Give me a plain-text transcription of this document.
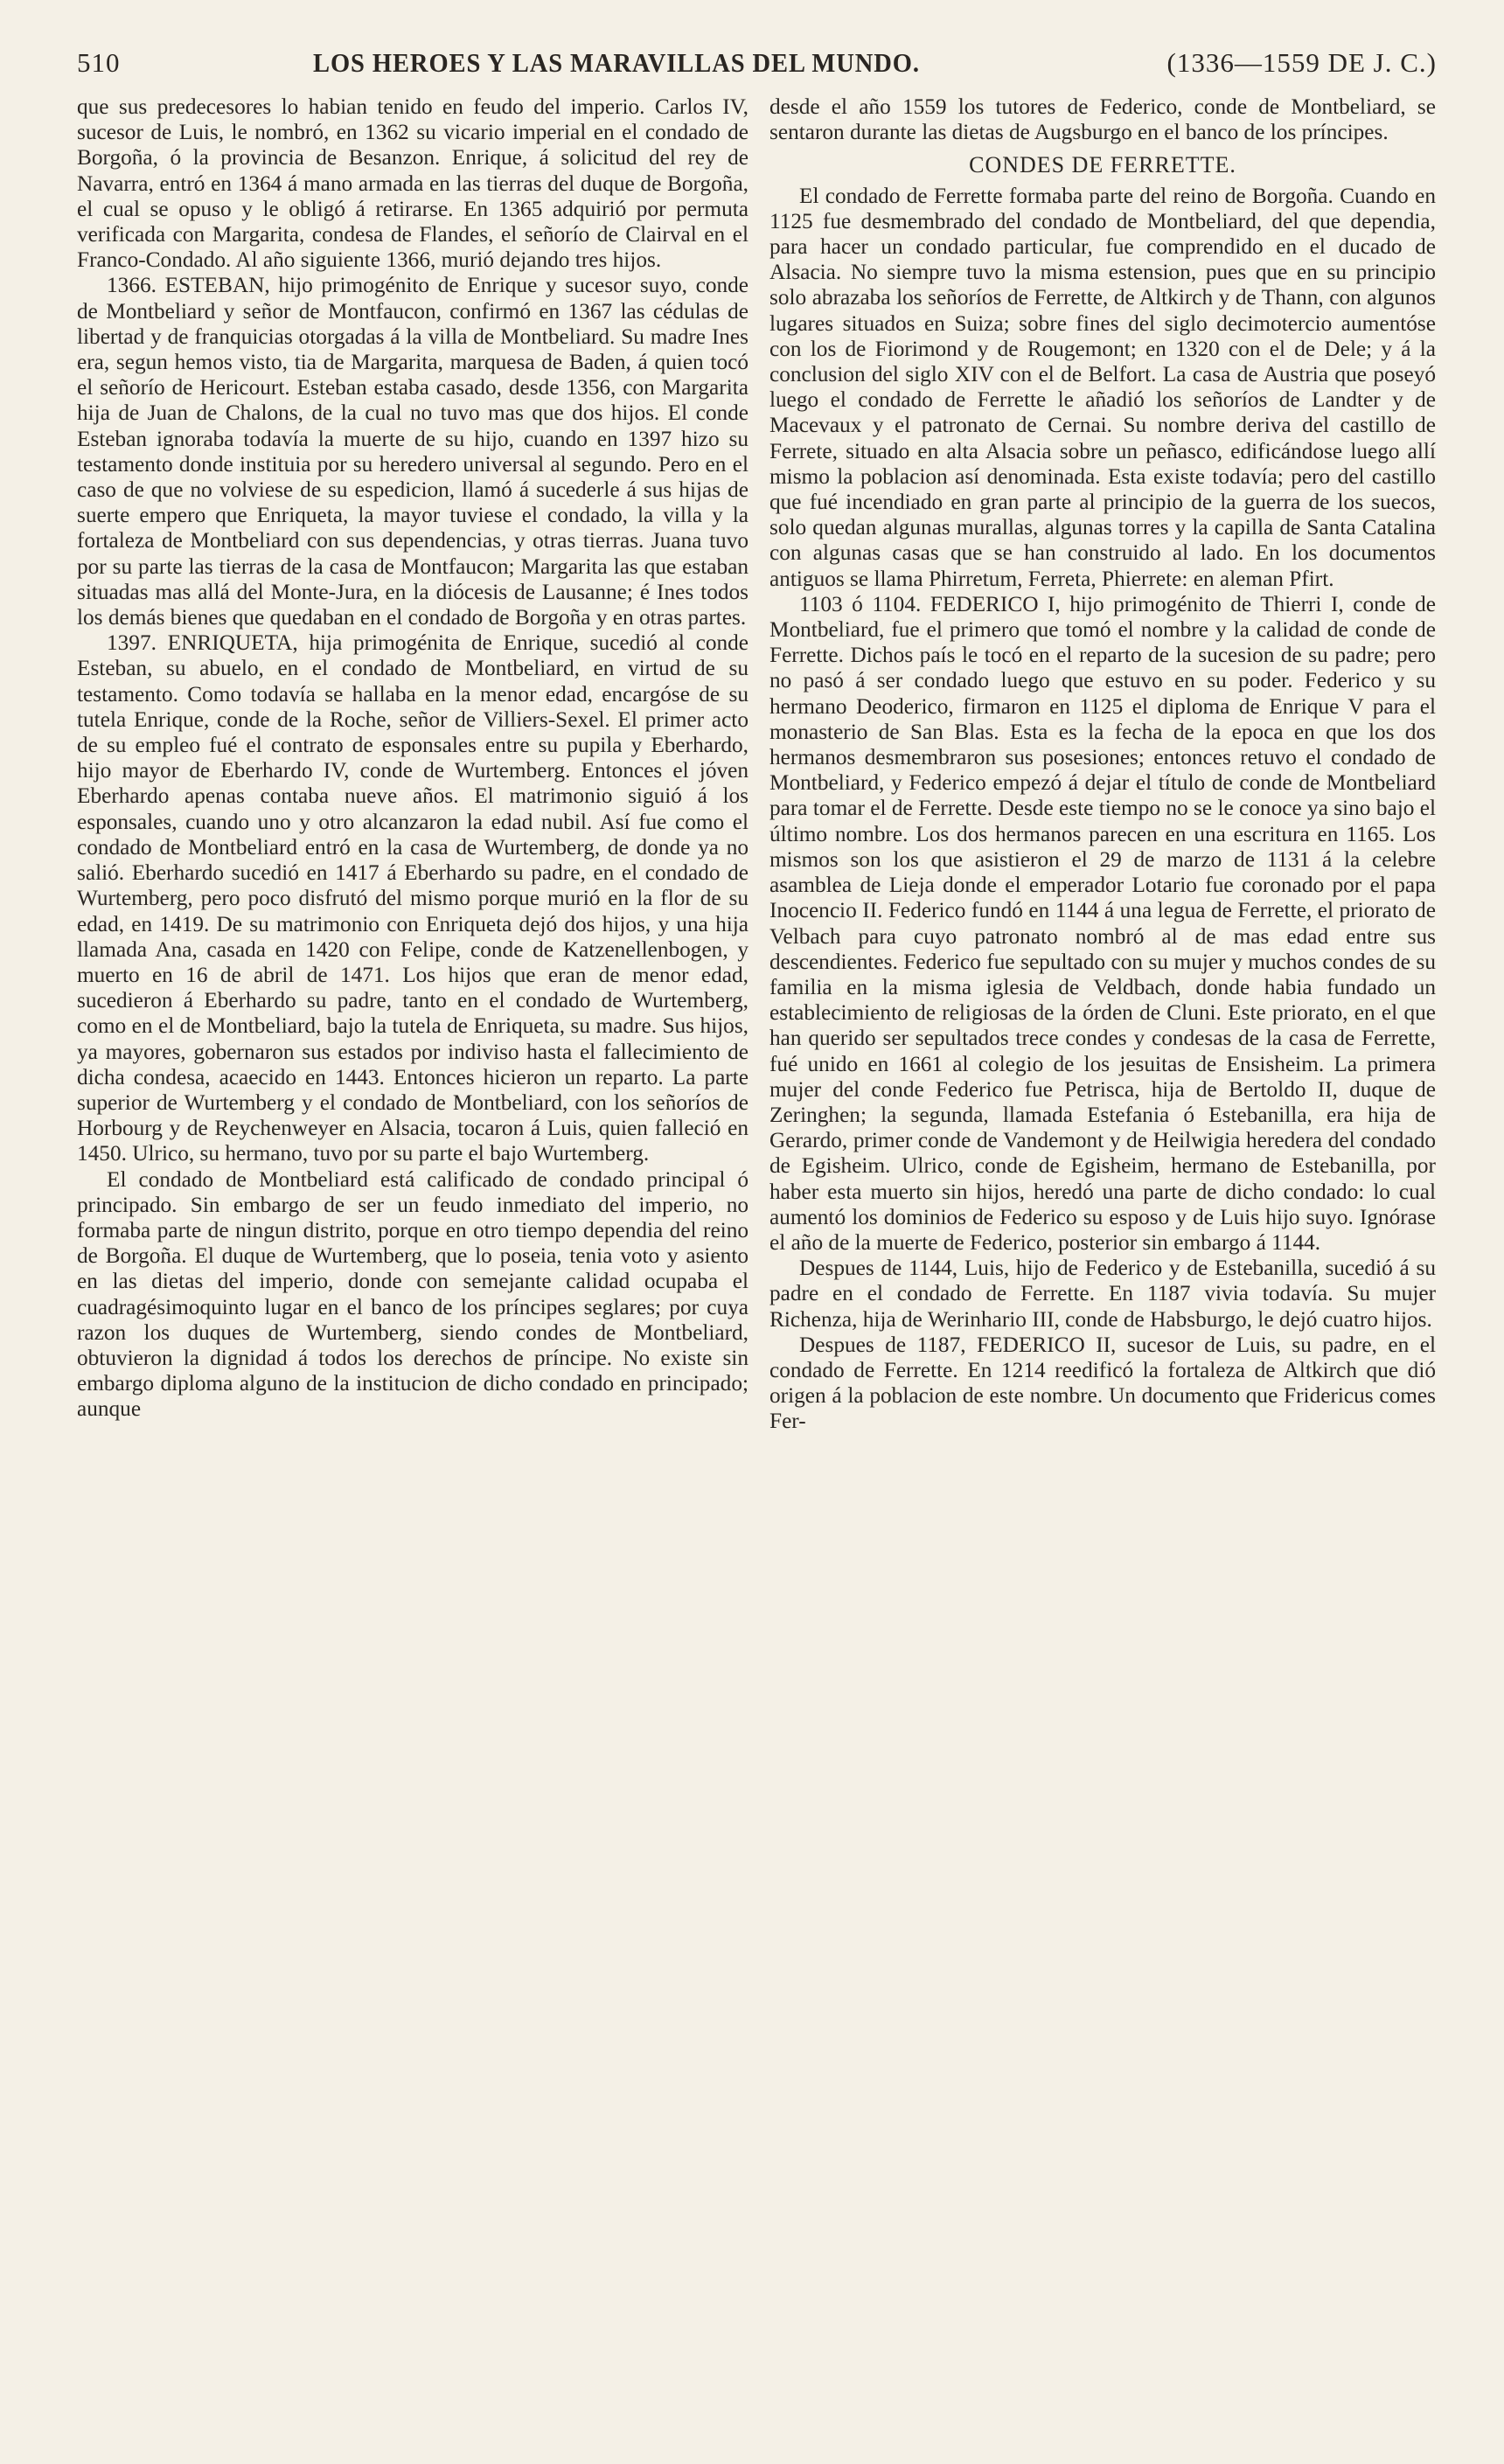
510	LOS HEROES Y LAS MARAVILLAS DEL MUNDO.	(1336—1559 DE J. C.)

que sus predecesores lo habian tenido en feudo del imperio. Carlos IV, sucesor de Luis, le nombró, en 1362 su vicario imperial en el condado de Borgoña, ó la provincia de Besanzon. Enrique, á solicitud del rey de Navarra, entró en 1364 á mano armada en las tierras del duque de Borgoña, el cual se opuso y le obligó á retirarse. En 1365 adquirió por permuta verificada con Margarita, condesa de Flandes, el señorío de Clairval en el Franco-Condado. Al año siguiente 1366, murió dejando tres hijos.

1366. ESTEBAN, hijo primogénito de Enrique y sucesor suyo, conde de Montbeliard y señor de Montfaucon, confirmó en 1367 las cédulas de libertad y de franquicias otorgadas á la villa de Montbeliard. Su madre Ines era, segun hemos visto, tia de Margarita, marquesa de Baden, á quien tocó el señorío de Hericourt. Esteban estaba casado, desde 1356, con Margarita hija de Juan de Chalons, de la cual no tuvo mas que dos hijos. El conde Esteban ignoraba todavía la muerte de su hijo, cuando en 1397 hizo su testamento donde instituia por su heredero universal al segundo. Pero en el caso de que no volviese de su espedicion, llamó á sucederle á sus hijas de suerte empero que Enriqueta, la mayor tuviese el condado, la villa y la fortaleza de Montbeliard con sus dependencias, y otras tierras. Juana tuvo por su parte las tierras de la casa de Montfaucon; Margarita las que estaban situadas mas allá del Monte-Jura, en la diócesis de Lausanne; é Ines todos los demás bienes que quedaban en el condado de Borgoña y en otras partes.

1397. ENRIQUETA, hija primogénita de Enrique, sucedió al conde Esteban, su abuelo, en el condado de Montbeliard, en virtud de su testamento. Como todavía se hallaba en la menor edad, encargóse de su tutela Enrique, conde de la Roche, señor de Villiers-Sexel. El primer acto de su empleo fué el contrato de esponsales entre su pupila y Eberhardo, hijo mayor de Eberhardo IV, conde de Wurtemberg. Entonces el jóven Eberhardo apenas contaba nueve años. El matrimonio siguió á los esponsales, cuando uno y otro alcanzaron la edad nubil. Así fue como el condado de Montbeliard entró en la casa de Wurtemberg, de donde ya no salió. Eberhardo sucedió en 1417 á Eberhardo su padre, en el condado de Wurtemberg, pero poco disfrutó del mismo porque murió en la flor de su edad, en 1419. De su matrimonio con Enriqueta dejó dos hijos, y una hija llamada Ana, casada en 1420 con Felipe, conde de Katzenellenbogen, y muerto en 16 de abril de 1471. Los hijos que eran de menor edad, sucedieron á Eberhardo su padre, tanto en el condado de Wurtemberg, como en el de Montbeliard, bajo la tutela de Enriqueta, su madre. Sus hijos, ya mayores, gobernaron sus estados por indiviso hasta el fallecimiento de dicha condesa, acaecido en 1443. Entonces hicieron un reparto. La parte superior de Wurtemberg y el condado de Montbeliard, con los señoríos de Horbourg y de Reychenweyer en Alsacia, tocaron á Luis, quien falleció en 1450. Ulrico, su hermano, tuvo por su parte el bajo Wurtemberg.

El condado de Montbeliard está calificado de condado principal ó principado. Sin embargo de ser un feudo inmediato del imperio, no formaba parte de ningun distrito, porque en otro tiempo dependia del reino de Borgoña. El duque de Wurtemberg, que lo poseia, tenia voto y asiento en las dietas del imperio, donde con semejante calidad ocupaba el cuadragésimoquinto lugar en el banco de los príncipes seglares; por cuya razon los duques de Wurtemberg, siendo condes de Montbeliard, obtuvieron la dignidad á todos los derechos de príncipe. No existe sin embargo diploma alguno de la institucion de dicho condado en principado; aunque

desde el año 1559 los tutores de Federico, conde de Montbeliard, se sentaron durante las dietas de Augsburgo en el banco de los príncipes.

CONDES DE FERRETTE.

El condado de Ferrette formaba parte del reino de Borgoña. Cuando en 1125 fue desmembrado del condado de Montbeliard, del que dependia, para hacer un condado particular, fue comprendido en el ducado de Alsacia. No siempre tuvo la misma estension, pues que en su principio solo abrazaba los señoríos de Ferrette, de Altkirch y de Thann, con algunos lugares situados en Suiza; sobre fines del siglo decimotercio aumentóse con los de Fiorimond y de Rougemont; en 1320 con el de Dele; y á la conclusion del siglo XIV con el de Belfort. La casa de Austria que poseyó luego el condado de Ferrette le añadió los señoríos de Landter y de Macevaux y el patronato de Cernai. Su nombre deriva del castillo de Ferrete, situado en alta Alsacia sobre un peñasco, edificándose luego allí mismo la poblacion así denominada. Esta existe todavía; pero del castillo que fué incendiado en gran parte al principio de la guerra de los suecos, solo quedan algunas murallas, algunas torres y la capilla de Santa Catalina con algunas casas que se han construido al lado. En los documentos antiguos se llama Phirretum, Ferreta, Phierrete: en aleman Pfirt.

1103 ó 1104. FEDERICO I, hijo primogénito de Thierri I, conde de Montbeliard, fue el primero que tomó el nombre y la calidad de conde de Ferrette. Dichos país le tocó en el reparto de la sucesion de su padre; pero no pasó á ser condado luego que estuvo en su poder. Federico y su hermano Deoderico, firmaron en 1125 el diploma de Enrique V para el monasterio de San Blas. Esta es la fecha de la epoca en que los dos hermanos desmembraron sus posesiones; entonces retuvo el condado de Montbeliard, y Federico empezó á dejar el título de conde de Montbeliard para tomar el de Ferrette. Desde este tiempo no se le conoce ya sino bajo el último nombre. Los dos hermanos parecen en una escritura en 1165. Los mismos son los que asistieron el 29 de marzo de 1131 á la celebre asamblea de Lieja donde el emperador Lotario fue coronado por el papa Inocencio II. Federico fundó en 1144 á una legua de Ferrette, el priorato de Velbach para cuyo patronato nombró al de mas edad entre sus descendientes. Federico fue sepultado con su mujer y muchos condes de su familia en la misma iglesia de Veldbach, donde habia fundado un establecimiento de religiosas de la órden de Cluni. Este priorato, en el que han querido ser sepultados trece condes y condesas de la casa de Ferrette, fué unido en 1661 al colegio de los jesuitas de Ensisheim. La primera mujer del conde Federico fue Petrisca, hija de Bertoldo II, duque de Zeringhen; la segunda, llamada Estefania ó Estebanilla, era hija de Gerardo, primer conde de Vandemont y de Heilwigia heredera del condado de Egisheim. Ulrico, conde de Egisheim, hermano de Estebanilla, por haber esta muerto sin hijos, heredó una parte de dicho condado: lo cual aumentó los dominios de Federico su esposo y de Luis hijo suyo. Ignórase el año de la muerte de Federico, posterior sin embargo á 1144.

Despues de 1144, Luis, hijo de Federico y de Estebanilla, sucedió á su padre en el condado de Ferrette. En 1187 vivia todavía. Su mujer Richenza, hija de Werinhario III, conde de Habsburgo, le dejó cuatro hijos.

Despues de 1187, FEDERICO II, sucesor de Luis, su padre, en el condado de Ferrette. En 1214 reedificó la fortaleza de Altkirch que dió origen á la poblacion de este nombre. Un documento que Fridericus comes Fer-
